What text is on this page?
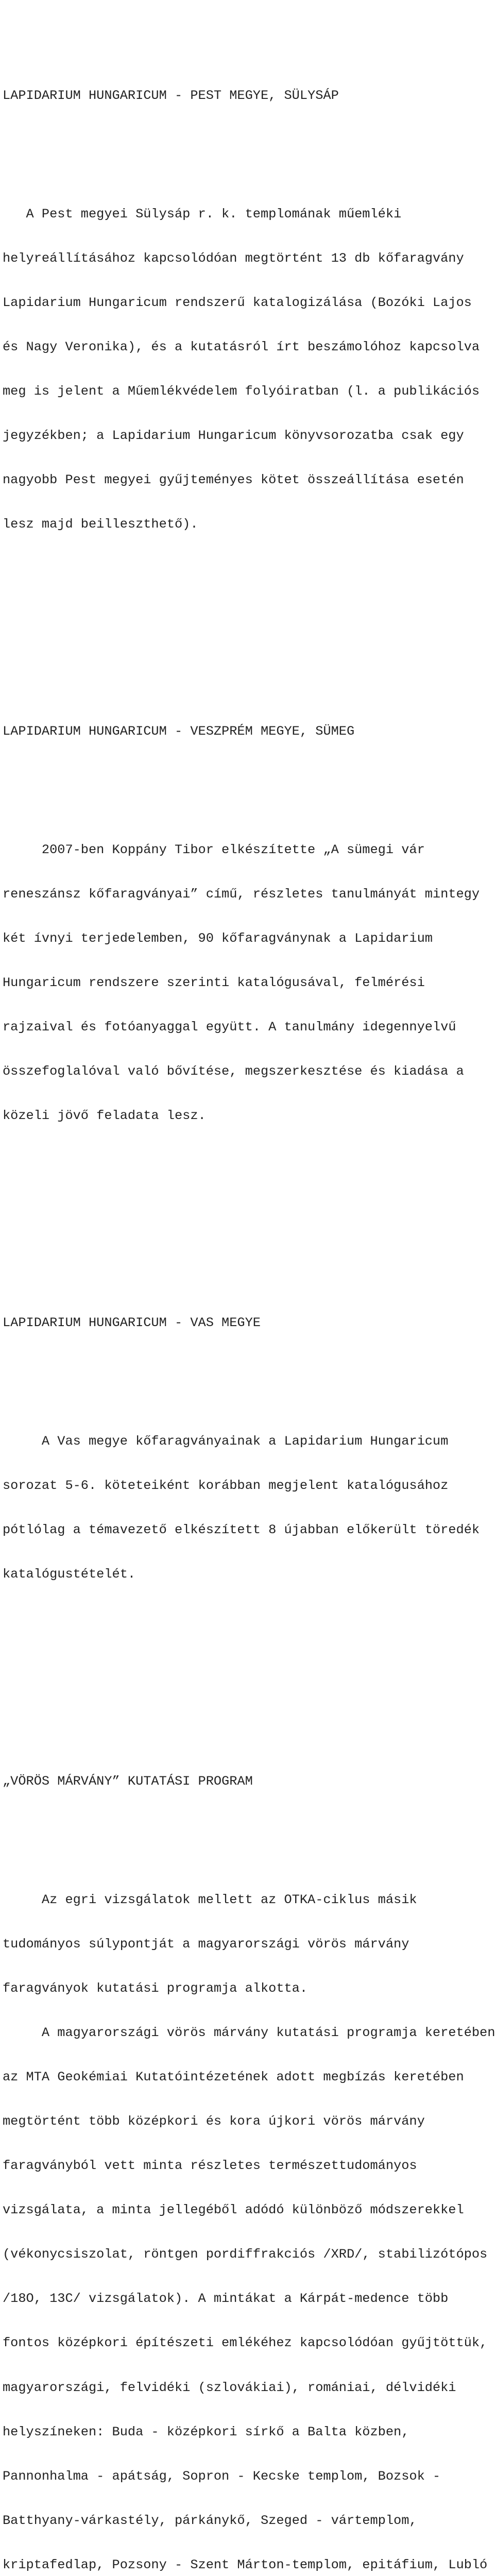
LAPIDARIUM HUNGARICUM - PEST MEGYE, SÜLYSÁP

A Pest megyei Sülysáp r. k. templomának műemléki

helyreállításához kapcsolódóan megtörtént 13 db kőfaragvány

Lapidarium Hungaricum rendszerű katalogizálása (Bozóki Lajos

és Nagy Veronika), és a kutatásról írt beszámolóhoz kapcsolva

meg is jelent a Műemlékvédelem folyóiratban (l. a publikációs

jegyzékben; a Lapidarium Hungaricum könyvsorozatba csak egy

nagyobb Pest megyei gyűjteményes kötet összeállítása esetén

lesz majd beilleszthető).

LAPIDARIUM HUNGARICUM - VESZPRÉM MEGYE, SÜMEG

2007-ben Koppány Tibor elkészítette „A sümegi vár

reneszánsz kőfaragványai” című, részletes tanulmányát mintegy

két ívnyi terjedelemben, 90 kőfaragványnak a Lapidarium

Hungaricum rendszere szerinti katalógusával, felmérési

rajzaival és fotóanyaggal együtt. A tanulmány idegennyelvű

összefoglalóval való bővítése, megszerkesztése és kiadása a

közeli jövő feladata lesz.

LAPIDARIUM HUNGARICUM - VAS MEGYE

A Vas megye kőfaragványainak a Lapidarium Hungaricum

sorozat 5-6. köteteiként korábban megjelent katalógusához

pótlólag a témavezető elkészített 8 újabban előkerült töredék

katalógustételét.

„VÖRÖS MÁRVÁNY” KUTATÁSI PROGRAM

Az egri vizsgálatok mellett az OTKA-ciklus másik

tudományos súlypontját a magyarországi vörös márvány

faragványok kutatási programja alkotta.

A magyarországi vörös márvány kutatási programja keretében

az MTA Geokémiai Kutatóintézetének adott megbízás keretében

megtörtént több középkori és kora újkori vörös márvány

faragványból vett minta részletes természettudományos

vizsgálata, a minta jellegéből adódó különböző módszerekkel

(vékonycsiszolat, röntgen pordiffrakciós /XRD/, stabilizótópos

/18O, 13C/ vizsgálatok). A mintákat a Kárpát-medence több

fontos középkori építészeti emlékéhez kapcsolódóan gyűjtöttük,

magyarországi, felvidéki (szlovákiai), romániai, délvidéki

helyszíneken: Buda - középkori sírkő a Balta közben,

Pannonhalma - apátság, Sopron - Kecske templom, Bozsok -

Batthyany-várkastély, párkánykő, Szeged - vártemplom,

kriptafedlap, Pozsony - Szent Márton-templom, epitáfium, Lubló
